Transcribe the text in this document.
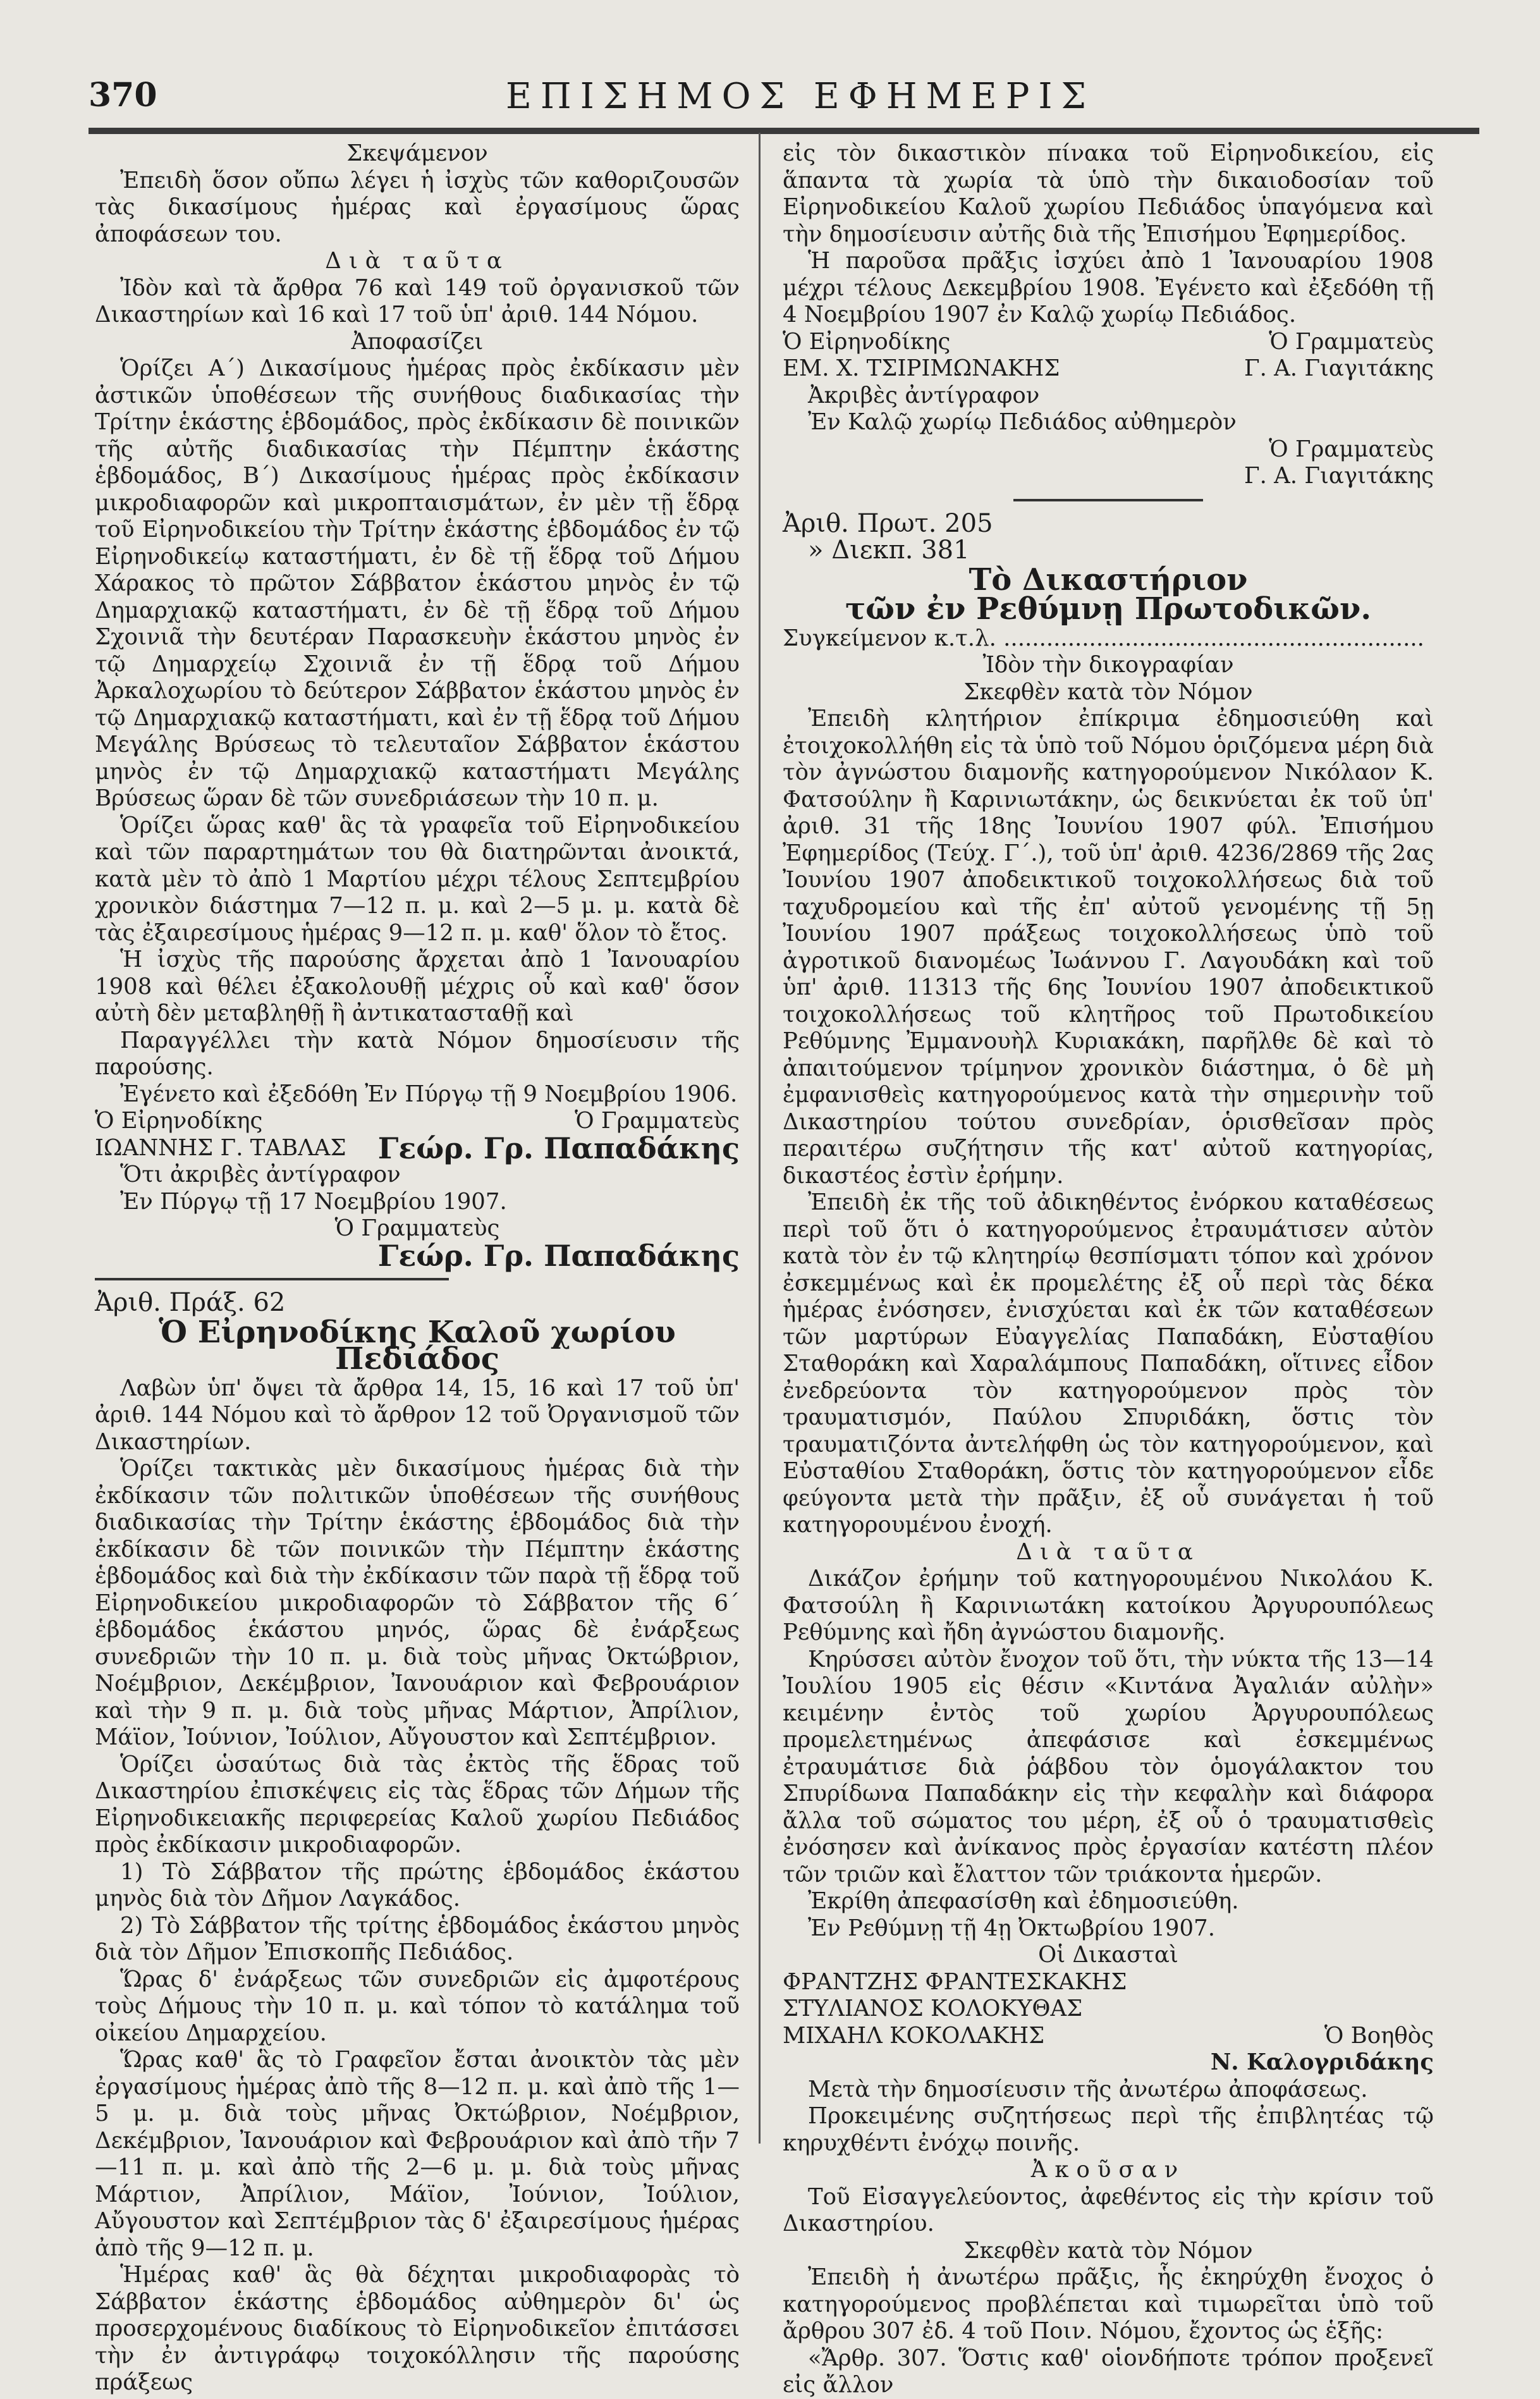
370	ΕΠΙΣΗΜΟΣ ΕΦΗΜΕΡΙΣ

Σκεψάμενον

Ἐπειδὴ ὅσον οὔπω λέγει ἡ ἰσχὺς τῶν καθοριζουσῶν τὰς δικασίμους ἡμέρας καὶ ἐργασίμους ὥρας ἀποφάσεων του.

Διὰ ταῦτα

Ἰδὸν καὶ τὰ ἄρθρα 76 καὶ 149 τοῦ ὀργανισκοῦ τῶν Δικαστηρίων καὶ 16 καὶ 17 τοῦ ὑπ' ἀριθ. 144 Νόμου.

Ἀποφασίζει

Ὁρίζει Α΄) Δικασίμους ἡμέρας πρὸς ἐκδίκασιν μὲν ἀστικῶν ὑποθέσεων τῆς συνήθους διαδικασίας τὴν Τρίτην ἑκάστης ἑβδομάδος, πρὸς ἐκδίκασιν δὲ ποινικῶν τῆς αὐτῆς διαδικασίας τὴν Πέμπτην ἑκάστης ἑβδομάδος, Β΄) Δικασίμους ἡμέρας πρὸς ἐκδίκασιν μικροδιαφορῶν καὶ μικροπταισμάτων, ἐν μὲν τῇ ἕδρᾳ τοῦ Εἰρηνοδικείου τὴν Τρίτην ἑκάστης ἑβδομάδος ἐν τῷ Εἰρηνοδικείῳ καταστήματι, ἐν δὲ τῇ ἕδρᾳ τοῦ Δήμου Χάρακος τὸ πρῶτον Σάββατον ἑκάστου μηνὸς ἐν τῷ Δημαρχιακῷ καταστήματι, ἐν δὲ τῇ ἕδρᾳ τοῦ Δήμου Σχοινιᾶ τὴν δευτέραν Παρασκευὴν ἑκάστου μηνὸς ἐν τῷ Δημαρχείῳ Σχοινιᾶ ἐν τῇ ἕδρᾳ τοῦ Δήμου Ἀρκαλοχωρίου τὸ δεύτερον Σάββατον ἑκάστου μηνὸς ἐν τῷ Δημαρχιακῷ καταστήματι, καὶ ἐν τῇ ἕδρᾳ τοῦ Δήμου Μεγάλης Βρύσεως τὸ τελευταῖον Σάββατον ἑκάστου μηνὸς ἐν τῷ Δημαρχιακῷ καταστήματι Μεγάλης Βρύσεως ὥραν δὲ τῶν συνεδριάσεων τὴν 10 π. μ.

Ὁρίζει ὥρας καθ' ἃς τὰ γραφεῖα τοῦ Εἰρηνοδικείου καὶ τῶν παραρτημάτων του θὰ διατηρῶνται ἀνοικτά, κατὰ μὲν τὸ ἀπὸ 1 Μαρτίου μέχρι τέλους Σεπτεμβρίου χρονικὸν διάστημα 7—12 π. μ. καὶ 2—5 μ. μ. κατὰ δὲ τὰς ἐξαιρεσίμους ἡμέρας 9—12 π. μ. καθ' ὅλον τὸ ἔτος.

Ἡ ἰσχὺς τῆς παρούσης ἄρχεται ἀπὸ 1 Ἰανουαρίου 1908 καὶ θέλει ἐξακολουθῇ μέχρις οὗ καὶ καθ' ὅσον αὐτὴ δὲν μεταβληθῇ ἢ ἀντικατασταθῇ καὶ

Παραγγέλλει τὴν κατὰ Νόμον δημοσίευσιν τῆς παρούσης.

Ἐγένετο καὶ ἐξεδόθη Ἐν Πύργῳ τῇ 9 Νοεμβρίου 1906.

Ὁ Εἰρηνοδίκης	Ὁ Γραμματεὺς
ΙΩΑΝΝΗΣ Γ. ΤΑΒΛΑΣ Γεώρ. Γρ. Παπαδάκης

Ὅτι ἀκριβὲς ἀντίγραφον

Ἐν Πύργῳ τῇ 17 Νοεμβρίου 1907.

Ὁ Γραμματεὺς

Γεώρ. Γρ. Παπαδάκης

Ἀριθ. Πράξ. 62

Ὁ Εἰρηνοδίκης Καλοῦ χωρίου Πεδιάδος

Λαβὼν ὑπ' ὄψει τὰ ἄρθρα 14, 15, 16 καὶ 17 τοῦ ὑπ' ἀριθ. 144 Νόμου καὶ τὸ ἄρθρον 12 τοῦ Ὀργανισμοῦ τῶν Δικαστηρίων.

Ὁρίζει τακτικὰς μὲν δικασίμους ἡμέρας διὰ τὴν ἐκδίκασιν τῶν πολιτικῶν ὑποθέσεων τῆς συνήθους διαδικασίας τὴν Τρίτην ἑκάστης ἑβδομάδος διὰ τὴν ἐκδίκασιν δὲ τῶν ποινικῶν τὴν Πέμπτην ἑκάστης ἑβδομάδος καὶ διὰ τὴν ἐκδίκασιν τῶν παρὰ τῇ ἕδρᾳ τοῦ Εἰρηνοδικείου μικροδιαφορῶν τὸ Σάββατον τῆς 6΄ ἑβδομάδος ἑκάστου μηνός, ὥρας δὲ ἐνάρξεως συνεδριῶν τὴν 10 π. μ. διὰ τοὺς μῆνας Ὀκτώβριον, Νοέμβριον, Δεκέμβριον, Ἰανουάριον καὶ Φεβρουάριον καὶ τὴν 9 π. μ. διὰ τοὺς μῆνας Μάρτιον, Ἀπρίλιον, Μάϊον, Ἰούνιον, Ἰούλιον, Αὔγουστον καὶ Σεπτέμβριον.

Ὁρίζει ὡσαύτως διὰ τὰς ἐκτὸς τῆς ἕδρας τοῦ Δικαστηρίου ἐπισκέψεις εἰς τὰς ἕδρας τῶν Δήμων τῆς Εἰρηνοδικειακῆς περιφερείας Καλοῦ χωρίου Πεδιάδος πρὸς ἐκδίκασιν μικροδιαφορῶν.

1) Τὸ Σάββατον τῆς πρώτης ἑβδομάδος ἑκάστου μηνὸς διὰ τὸν Δῆμον Λαγκάδος.

2) Τὸ Σάββατον τῆς τρίτης ἑβδομάδος ἑκάστου μηνὸς διὰ τὸν Δῆμον Ἐπισκοπῆς Πεδιάδος.

Ὥρας δ' ἐνάρξεως τῶν συνεδριῶν εἰς ἀμφοτέρους τοὺς Δήμους τὴν 10 π. μ. καὶ τόπον τὸ κατάλημα τοῦ οἰκείου Δημαρχείου.

Ὥρας καθ' ἃς τὸ Γραφεῖον ἔσται ἀνοικτὸν τὰς μὲν ἐργασίμους ἡμέρας ἀπὸ τῆς 8—12 π. μ. καὶ ἀπὸ τῆς 1—5 μ. μ. διὰ τοὺς μῆνας Ὀκτώβριον, Νοέμβριον, Δεκέμβριον, Ἰανουάριον καὶ Φεβρουάριον καὶ ἀπὸ τῆν 7—11 π. μ. καὶ ἀπὸ τῆς 2—6 μ. μ. διὰ τοὺς μῆνας Μάρτιον, Ἀπρίλιον, Μάϊον, Ἰούνιον, Ἰούλιον, Αὔγουστον καὶ Σεπτέμβριον τὰς δ' ἐξαιρεσίμους ἡμέρας ἀπὸ τῆς 9—12 π. μ.

Ἡμέρας καθ' ἃς θὰ δέχηται μικροδιαφορὰς τὸ Σάββατον ἑκάστης ἑβδομάδος αὐθημερὸν δι' ὡς προσερχομένους διαδίκους τὸ Εἰρηνοδικεῖον ἐπιτάσσει τὴν ἐν ἀντιγράφῳ τοιχοκόλλησιν τῆς παρούσης πράξεως

εἰς τὸν δικαστικὸν πίνακα τοῦ Εἰρηνοδικείου, εἰς ἅπαντα τὰ χωρία τὰ ὑπὸ τὴν δικαιοδοσίαν τοῦ Εἰρηνοδικείου Καλοῦ χωρίου Πεδιάδος ὑπαγόμενα καὶ τὴν δημοσίευσιν αὐτῆς διὰ τῆς Ἐπισήμου Ἐφημερίδος.

Ἡ παροῦσα πρᾶξις ἰσχύει ἀπὸ 1 Ἰανουαρίου 1908 μέχρι τέλους Δεκεμβρίου 1908. Ἐγένετο καὶ ἐξεδόθη τῇ 4 Νοεμβρίου 1907 ἐν Καλῷ χωρίῳ Πεδιάδος.

Ὁ Εἰρηνοδίκης	Ὁ Γραμματεὺς
ΕΜ. Χ. ΤΣΙΡΙΜΩΝΑΚΗΣ	Γ. Α. Γιαγιτάκης

Ἀκριβὲς ἀντίγραφον

Ἐν Καλῷ χωρίῳ Πεδιάδος αὐθημερὸν

Ὁ Γραμματεὺς

Γ. Α. Γιαγιτάκης

Ἀριθ. Πρωτ. 205

» Διεκπ. 381

Τὸ Δικαστήριον

τῶν ἐν Ρεθύμνῃ Πρωτοδικῶν.

Συγκείμενον κ.τ.λ. ...........................................................

Ἰδὸν τὴν δικογραφίαν

Σκεφθὲν κατὰ τὸν Νόμον

Ἐπειδὴ κλητήριον ἐπίκριμα ἐδημοσιεύθη καὶ ἐτοιχοκολλήθη εἰς τὰ ὑπὸ τοῦ Νόμου ὁριζόμενα μέρη διὰ τὸν ἀγνώστου διαμονῆς κατηγορούμενον Νικόλαον Κ. Φατσούλην ἢ Καρινιωτάκην, ὡς δεικνύεται ἐκ τοῦ ὑπ' ἀριθ. 31 τῆς 18ης Ἰουνίου 1907 φύλ. Ἐπισήμου Ἐφημερίδος (Τεύχ. Γ΄.), τοῦ ὑπ' ἀριθ. 4236/2869 τῆς 2ας Ἰουνίου 1907 ἀποδεικτικοῦ τοιχοκολλήσεως διὰ τοῦ ταχυδρομείου καὶ τῆς ἐπ' αὐτοῦ γενομένης τῇ 5ῃ Ἰουνίου 1907 πράξεως τοιχοκολλήσεως ὑπὸ τοῦ ἀγροτικοῦ διανομέως Ἰωάννου Γ. Λαγουδάκη καὶ τοῦ ὑπ' ἀριθ. 11313 τῆς 6ης Ἰουνίου 1907 ἀποδεικτικοῦ τοιχοκολλήσεως τοῦ κλητῆρος τοῦ Πρωτοδικείου Ρεθύμνης Ἐμμανουὴλ Κυριακάκη, παρῆλθε δὲ καὶ τὸ ἀπαιτούμενον τρίμηνον χρονικὸν διάστημα, ὁ δὲ μὴ ἐμφανισθεὶς κατηγορούμενος κατὰ τὴν σημερινὴν τοῦ Δικαστηρίου τούτου συνεδρίαν, ὁρισθεῖσαν πρὸς περαιτέρω συζήτησιν τῆς κατ' αὐτοῦ κατηγορίας, δικαστέος ἐστὶν ἐρήμην.

Ἐπειδὴ ἐκ τῆς τοῦ ἀδικηθέντος ἐνόρκου καταθέσεως περὶ τοῦ ὅτι ὁ κατηγορούμενος ἐτραυμάτισεν αὐτὸν κατὰ τὸν ἐν τῷ κλητηρίῳ θεσπίσματι τόπον καὶ χρόνον ἐσκεμμένως καὶ ἐκ προμελέτης ἐξ οὗ περὶ τὰς δέκα ἡμέρας ἐνόσησεν, ἐνισχύεται καὶ ἐκ τῶν καταθέσεων τῶν μαρτύρων Εὐαγγελίας Παπαδάκη, Εὐσταθίου Σταθοράκη καὶ Χαραλάμπους Παπαδάκη, οἵτινες εἶδον ἐνεδρεύοντα τὸν κατηγορούμενον πρὸς τὸν τραυματισμόν, Παύλου Σπυριδάκη, ὅστις τὸν τραυματιζόντα ἀντελήφθη ὡς τὸν κατηγορούμενον, καὶ Εὐσταθίου Σταθοράκη, ὅστις τὸν κατηγορούμενον εἶδε φεύγοντα μετὰ τὴν πρᾶξιν, ἐξ οὗ συνάγεται ἡ τοῦ κατηγορουμένου ἐνοχή.

Διὰ ταῦτα

Δικάζον ἐρήμην τοῦ κατηγορουμένου Νικολάου Κ. Φατσούλη ἢ Καρινιωτάκη κατοίκου Ἀργυρουπόλεως Ρεθύμνης καὶ ἤδη ἀγνώστου διαμονῆς.

Κηρύσσει αὐτὸν ἔνοχον τοῦ ὅτι, τὴν νύκτα τῆς 13—14 Ἰουλίου 1905 εἰς θέσιν «Κιντάνα Ἀγαλιάν αὐλὴν» κειμένην ἐντὸς τοῦ χωρίου Ἀργυρουπόλεως προμελετημένως ἀπεφάσισε καὶ ἐσκεμμένως ἐτραυμάτισε διὰ ῥάβδου τὸν ὁμογάλακτον του Σπυρίδωνα Παπαδάκην εἰς τὴν κεφαλὴν καὶ διάφορα ἄλλα τοῦ σώματος του μέρη, ἐξ οὗ ὁ τραυματισθεὶς ἐνόσησεν καὶ ἀνίκανος πρὸς ἐργασίαν κατέστη πλέον τῶν τριῶν καὶ ἔλαττον τῶν τριάκοντα ἡμερῶν.

Ἐκρίθη ἀπεφασίσθη καὶ ἐδημοσιεύθη.

Ἐν Ρεθύμνῃ τῇ 4ῃ Ὀκτωβρίου 1907.

Οἱ Δικασταὶ

ΦΡΑΝΤΖΗΣ ΦΡΑΝΤΕΣΚΑΚΗΣ

ΣΤΥΛΙΑΝΟΣ ΚΟΛΟΚΥΘΑΣ

ΜΙΧΑΗΛ ΚΟΚΟΛΑΚΗΣ	Ὁ Βοηθὸς

Ν. Καλογριδάκης

Μετὰ τὴν δημοσίευσιν τῆς ἀνωτέρω ἀποφάσεως.

Προκειμένης συζητήσεως περὶ τῆς ἐπιβλητέας τῷ κηρυχθέντι ἐνόχῳ ποινῆς.

Ἀκοῦσαν

Τοῦ Εἰσαγγελεύοντος, ἀφεθέντος εἰς τὴν κρίσιν τοῦ Δικαστηρίου.

Σκεφθὲν κατὰ τὸν Νόμον

Ἐπειδὴ ἡ ἀνωτέρω πρᾶξις, ἧς ἐκηρύχθη ἔνοχος ὁ κατηγορούμενος προβλέπεται καὶ τιμωρεῖται ὑπὸ τοῦ ἄρθρου 307 ἐδ. 4 τοῦ Ποιν. Νόμου, ἔχοντος ὡς ἑξῆς:

«Ἄρθρ. 307. Ὅστις καθ' οἱονδήποτε τρόπον προξενεῖ εἰς ἄλλον
